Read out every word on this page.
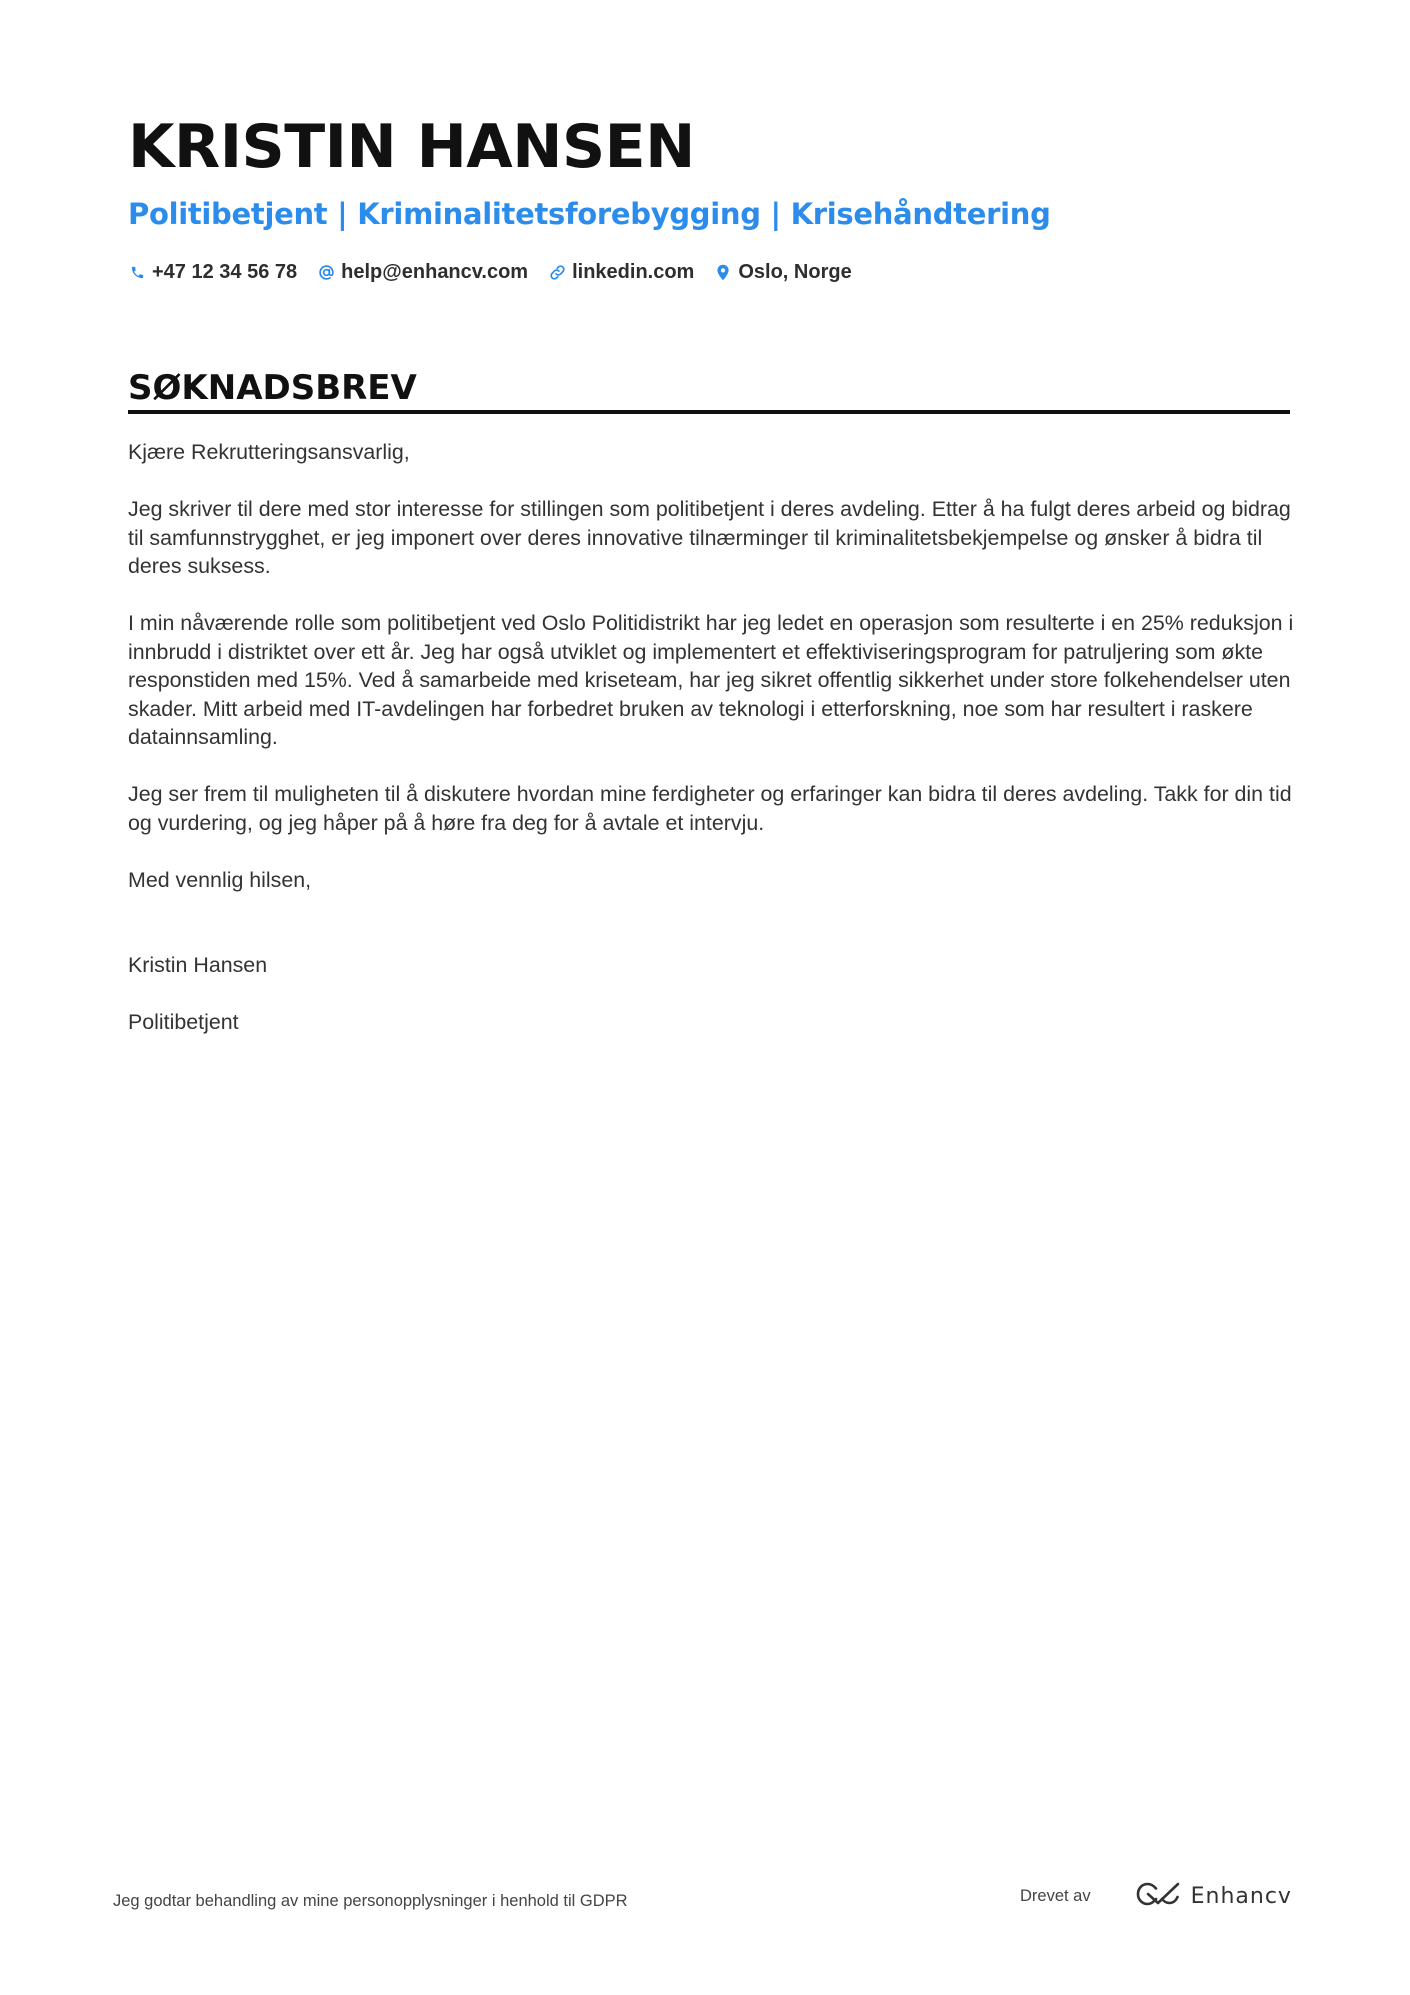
KRISTIN HANSEN
Politibetjent | Kriminalitetsforebygging | Krisehåndtering
+47 12 34 56 78 help@enhancv.com linkedin.com Oslo, Norge
SØKNADSBREV

Kjære Rekrutteringsansvarlig,

Jeg skriver til dere med stor interesse for stillingen som politibetjent i deres avdeling. Etter å ha fulgt deres arbeid og bidrag til samfunnstrygghet, er jeg imponert over deres innovative tilnærminger til kriminalitetsbekjempelse og ønsker å bidra til deres suksess.

I min nåværende rolle som politibetjent ved Oslo Politidistrikt har jeg ledet en operasjon som resulterte i en 25% reduksjon i innbrudd i distriktet over ett år. Jeg har også utviklet og implementert et effektiviseringsprogram for patruljering som økte responstiden med 15%. Ved å samarbeide med kriseteam, har jeg sikret offentlig sikkerhet under store folkehendelser uten skader. Mitt arbeid med IT-avdelingen har forbedret bruken av teknologi i etterforskning, noe som har resultert i raskere datainnsamling.

Jeg ser frem til muligheten til å diskutere hvordan mine ferdigheter og erfaringer kan bidra til deres avdeling. Takk for din tid og vurdering, og jeg håper på å høre fra deg for å avtale et intervju.

Med vennlig hilsen,

Kristin Hansen

Politibetjent

Jeg godtar behandling av mine personopplysninger i henhold til GDPR	Drevet av	Enhancv
